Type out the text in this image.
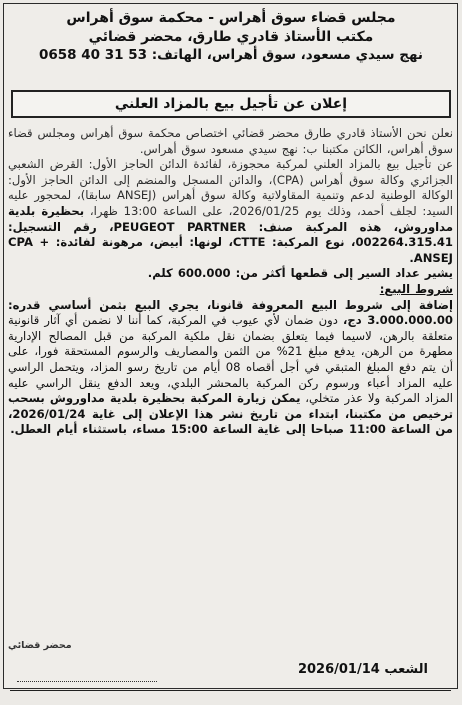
مجلس قضاء سوق أهراس - محكمة سوق أهراس
مكتب الأستاذ قادري طارق، محضر قضائي
نهج سيدي مسعود، سوق أهراس، الهاتف: 53 31 40 0658
إعلان عن تأجيل بيع بالمزاد العلني

نعلن نحن الأستاذ قادري طارق محضر قضائي اختصاص محكمة سوق أهراس ومجلس قضاء سوق أهراس، الكائن مكتبنا ب: نهج سيدي مسعود سوق أهراس.

عن تأجيل بيع بالمزاد العلني لمركبة محجوزة، لفائدة الدائن الحاجز الأول: القرض الشعبي الجزائري وكالة سوق أهراس (CPA)، والدائن المسجل والمنضم إلى الدائن الحاجز الأول: الوكالة الوطنية لدعم وتنمية المقاولاتية وكالة سوق أهراس (ANSEJ سابقا)، لمحجور عليه السيد: لجلف أحمد، وذلك يوم 2026/01/25، على الساعة 13:00 ظهرا، بحظيرة بلدية مداوروش، هذه المركبة صنف: PEUGEOT PARTNER، رقم التسجيل: 002264.315.41، نوع المركبة: CTTE، لونها: أبيض، مرهونة لفائدة: CPA + ANSEJ.

يشير عداد السير إلى قطعها أكثر من: 600.000 كلم.

شروط البيع:

إضافة إلى شروط البيع المعروفة قانونا، يجري البيع بثمن أساسي قدره: 3.000.000.00 دج، دون ضمان لأي عيوب في المركبة، كما أننا لا نضمن أي آثار قانونية متعلقة بالرهن، لاسيما فيما يتعلق بضمان نقل ملكية المركبة من قبل المصالح الإدارية مطهرة من الرهن، يدفع مبلغ 21% من الثمن والمصاريف والرسوم المستحقة فورا، على أن يتم دفع المبلغ المتبقي في أجل أقصاه 08 أيام من تاريخ رسو المزاد، ويتحمل الراسي عليه المزاد أعباء ورسوم ركن المركبة بالمحشر البلدي، ويعد الدفع ينقل الراسي عليه المزاد المركبة ولا عذر متخلي، يمكن زيارة المركبة بحظيرة بلدية مداوروش بسحب ترخيص من مكتبنا، ابتداء من تاريخ نشر هذا الإعلان إلى غاية 2026/01/24، من الساعة 11:00 صباحا إلى غاية الساعة 15:00 مساء، باستثناء أيام العطل.

محضر قضائي
الشعب 2026/01/14
